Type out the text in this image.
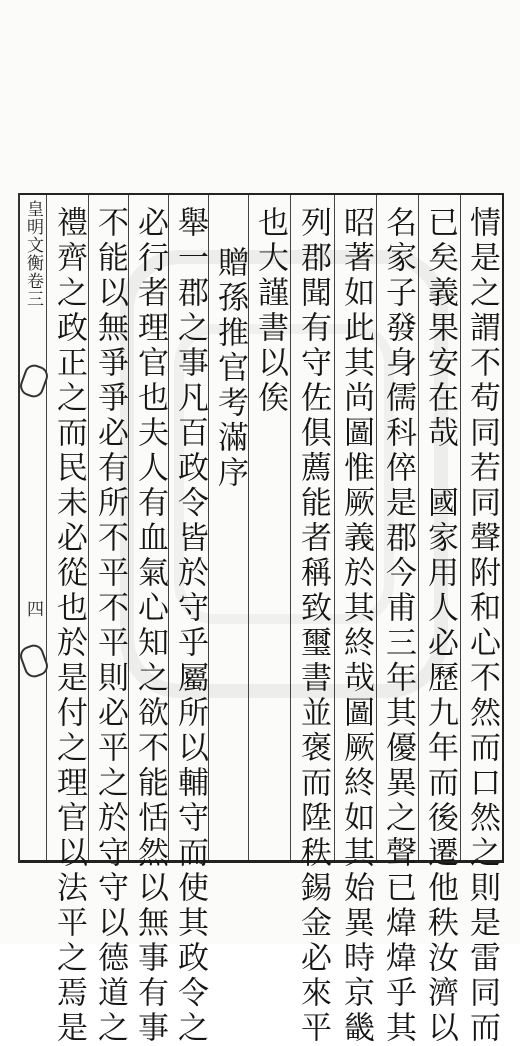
皇明文衡卷三
四	情是之謂不苟同若同聲附和心不然而口然之則是雷同而
已矣義果安在哉　國家用人必歷九年而後遷他秩汝濟以
名家子發身儒科倅是郡今甫三年其優異之聲已煒煒乎其
昭著如此其尚圖惟厥義於其終哉圖厥終如其始異時京畿
列郡聞有守佐俱薦能者稱致璽書並褒而陞秩錫金必來平
也大謹書以俟
贈孫推官考滿序
舉一郡之事凡百政令皆於守乎屬所以輔守而使其政令之
必行者理官也夫人有血氣心知之欲不能恬然以無事有事
不能以無爭爭必有所不平不平則必平之於守守以德道之
禮齊之政正之而民未必從也於是付之理官以法平之焉是
